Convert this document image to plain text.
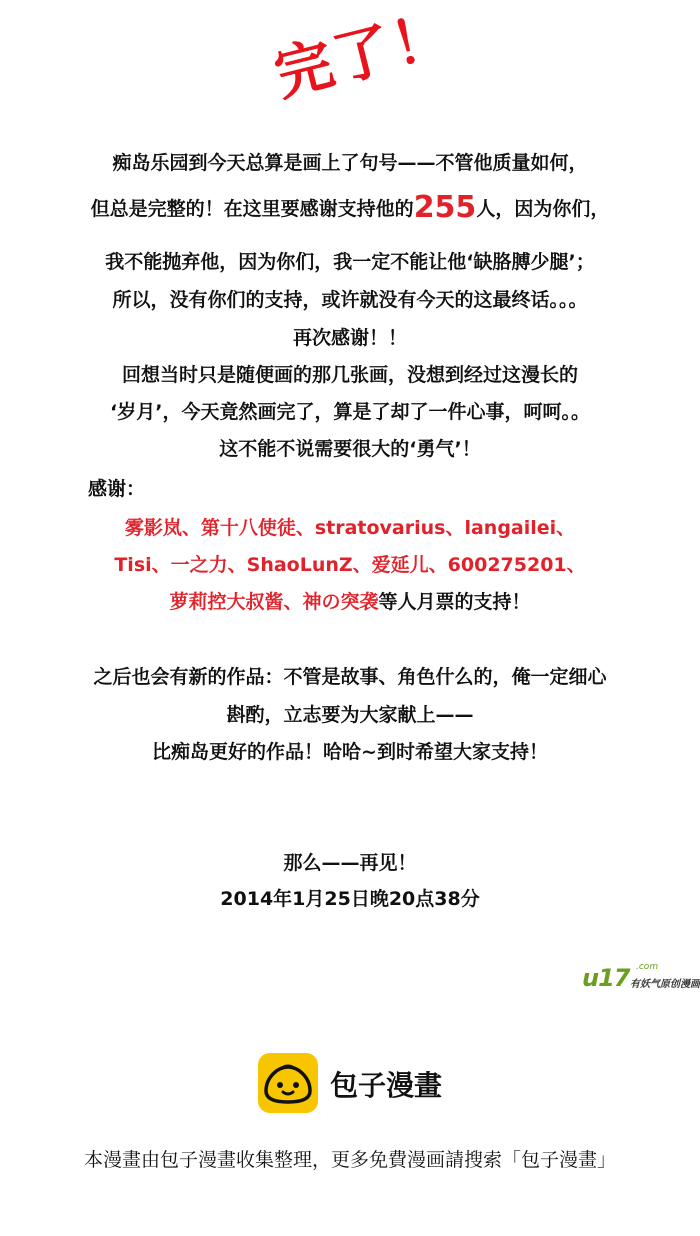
完了！
痴岛乐园到今天总算是画上了句号——不管他质量如何，
但总是完整的！在这里要感谢支持他的255人，因为你们，
我不能抛弃他，因为你们，我一定不能让他‘缺胳膊少腿’；
所以，没有你们的支持，或许就没有今天的这最终话。。。
再次感谢！！
回想当时只是随便画的那几张画，没想到经过这漫长的
‘岁月’，今天竟然画完了，算是了却了一件心事，呵呵。。
这不能不说需要很大的‘勇气’！
感谢：
雾影岚、第十八使徒、stratovarius、langailei、
Tisi、一之力、ShaoLunZ、爱延儿、600275201、
萝莉控大叔酱、神の突袭等人月票的支持！
之后也会有新的作品：不管是故事、角色什么的，俺一定细心
斟酌，立志要为大家献上——
比痴岛更好的作品！哈哈~到时希望大家支持！
那么——再见！
2014年1月25日晚20点38分
u17 .com
有妖气原创漫画
包子漫畫
本漫畫由包子漫畫收集整理，更多免費漫画請搜索「包子漫畫」
